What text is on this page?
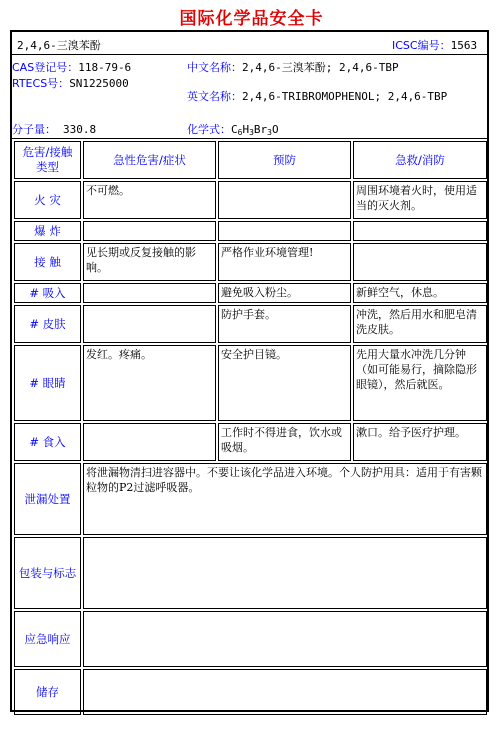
国际化学品安全卡
2,4,6-三溴苯酚	ICSC编号：1563
CAS登记号：118-79-6
RTECS号：SN1225000
中文名称：2,4,6-三溴苯酚; 2,4,6-TBP
英文名称：2,4,6-TRIBROMOPHENOL; 2,4,6-TBP
分子量： 330.8	化学式：$C_6H_3Br_3O$
危害/接触类型	急性危害/症状	预防	急救/消防
火 灾	不可燃。		周围环境着火时，使用适当的灭火剂。
爆 炸			
接 触	见长期或反复接触的影响。	严格作业环境管理!	
# 吸入		避免吸入粉尘。	新鲜空气，休息。
# 皮肤		防护手套。	冲洗，然后用水和肥皂清洗皮肤。
# 眼睛	发红。疼痛。	安全护目镜。	先用大量水冲洗几分钟（如可能易行，摘除隐形眼镜），然后就医。
# 食入		工作时不得进食，饮水或吸烟。	漱口。给予医疗护理。
泄漏处置	将泄漏物清扫进容器中。不要让该化学品进入环境。个人防护用具：适用于有害颗粒物的P2过滤呼吸器。		
包装与标志			
应急响应			
储存			
